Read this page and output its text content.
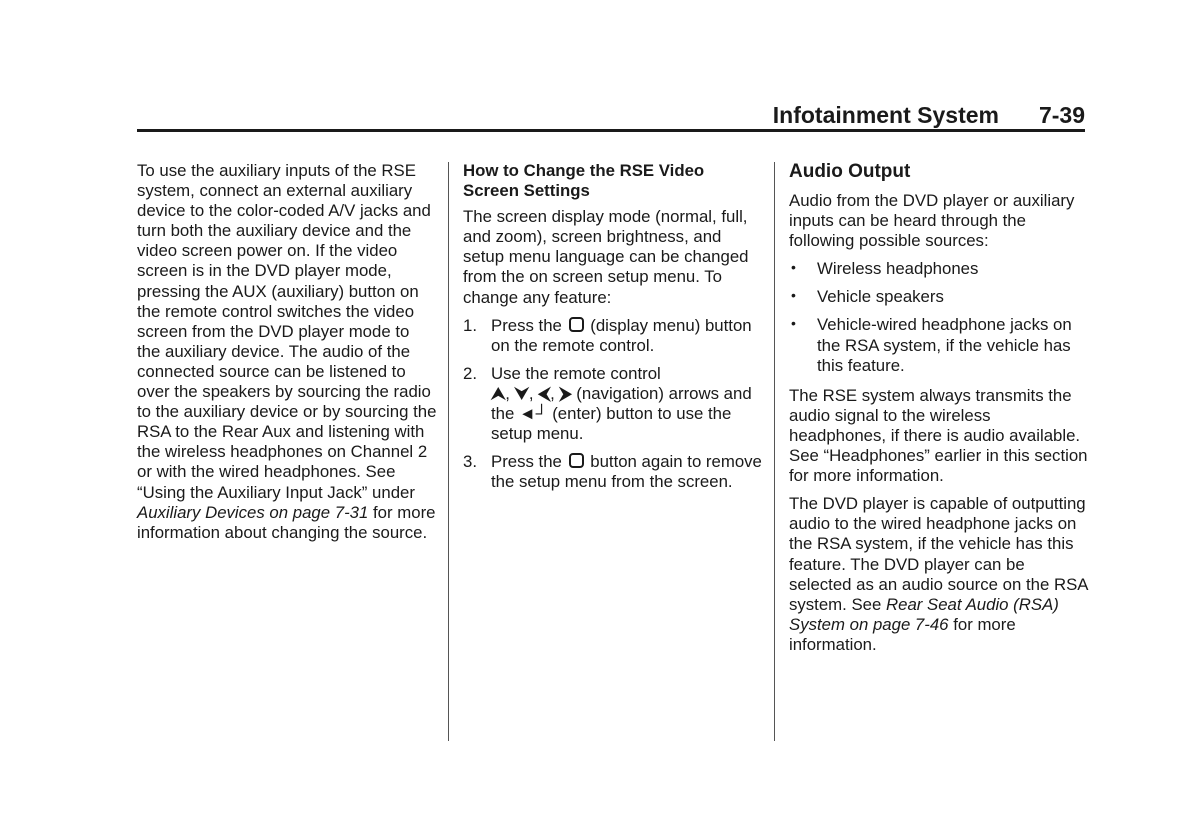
Infotainment System 7-39

To use the auxiliary inputs of the RSE system, connect an external auxiliary device to the color-coded A/V jacks and turn both the auxiliary device and the video screen power on. If the video screen is in the DVD player mode, pressing the AUX (auxiliary) button on the remote control switches the video screen from the DVD player mode to the auxiliary device. The audio of the connected source can be listened to over the speakers by sourcing the radio to the auxiliary device or by sourcing the RSA to the Rear Aux and listening with the wireless headphones on Channel 2 or with the wired headphones. See “Using the Auxiliary Input Jack” under Auxiliary Devices on page 7-31 for more information about changing the source.

How to Change the RSE Video Screen Settings

The screen display mode (normal, full, and zoom), screen brightness, and setup menu language can be changed from the on screen setup menu. To change any feature:

1. Press the (display menu) button on the remote control.
2. Use the remote control
⮝, ⮟, ⮜, ⮞ (navigation) arrows and the ◄┘ (enter) button to use the setup menu.
3. Press the button again to remove the setup menu from the screen.
Audio Output

Audio from the DVD player or auxiliary inputs can be heard through the following possible sources:

• Wireless headphones
• Vehicle speakers
• Vehicle-wired headphone jacks on the RSA system, if the vehicle has this feature.

The RSE system always transmits the audio signal to the wireless headphones, if there is audio available. See “Headphones” earlier in this section for more information.

The DVD player is capable of outputting audio to the wired headphone jacks on the RSA system, if the vehicle has this feature. The DVD player can be selected as an audio source on the RSA system. See Rear Seat Audio (RSA) System on page 7-46 for more information.
